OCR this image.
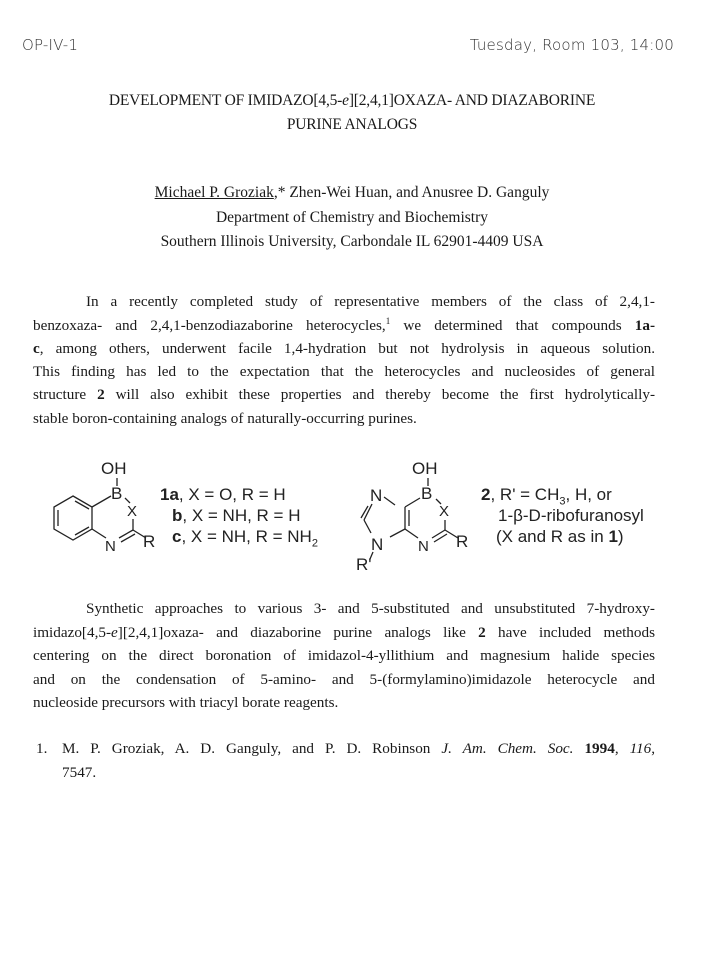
OP-IV-1	Tuesday, Room 103, 14:00
DEVELOPMENT OF IMIDAZO[4,5-e][2,4,1]OXAZA- AND DIAZABORINE
PURINE ANALOGS
Michael P. Groziak,* Zhen-Wei Huan, and Anusree D. Ganguly
Department of Chemistry and Biochemistry
Southern Illinois University, Carbondale IL 62901-4409 USA
In a recently completed study of representative members of the class of 2,4,1-
benzoxaza- and 2,4,1-benzodiazaborine heterocycles,$^1$ we determined that compounds 1a-
c, among others, underwent facile 1,4-hydration but not hydrolysis in aqueous solution.
This finding has led to the expectation that the heterocycles and nucleosides of general
structure 2 will also exhibit these properties and thereby become the first hydrolytically-
stable boron-containing analogs of naturally-occurring purines.
OH
B
X
N R
1a, X = O, R = H
b, X = NH, R = H
c, X = NH, $R = NH_2$
OH
B
X
N
N N R
R'
2, $R' = CH_3$, H, or
1-β-D-ribofuranosyl
(X and R as in 1)
Synthetic approaches to various 3- and 5-substituted and unsubstituted 7-hydroxy-
imidazo[4,5-e][2,4,1]oxaza- and diazaborine purine analogs like 2 have included methods
centering on the direct boronation of imidazol-4-yllithium and magnesium halide species
and on the condensation of 5-amino- and 5-(formylamino)imidazole heterocycle and
nucleoside precursors with triacyl borate reagents.
1. M. P. Groziak, A. D. Ganguly, and P. D. Robinson J. Am. Chem. Soc. 1994, 116,
7547.
